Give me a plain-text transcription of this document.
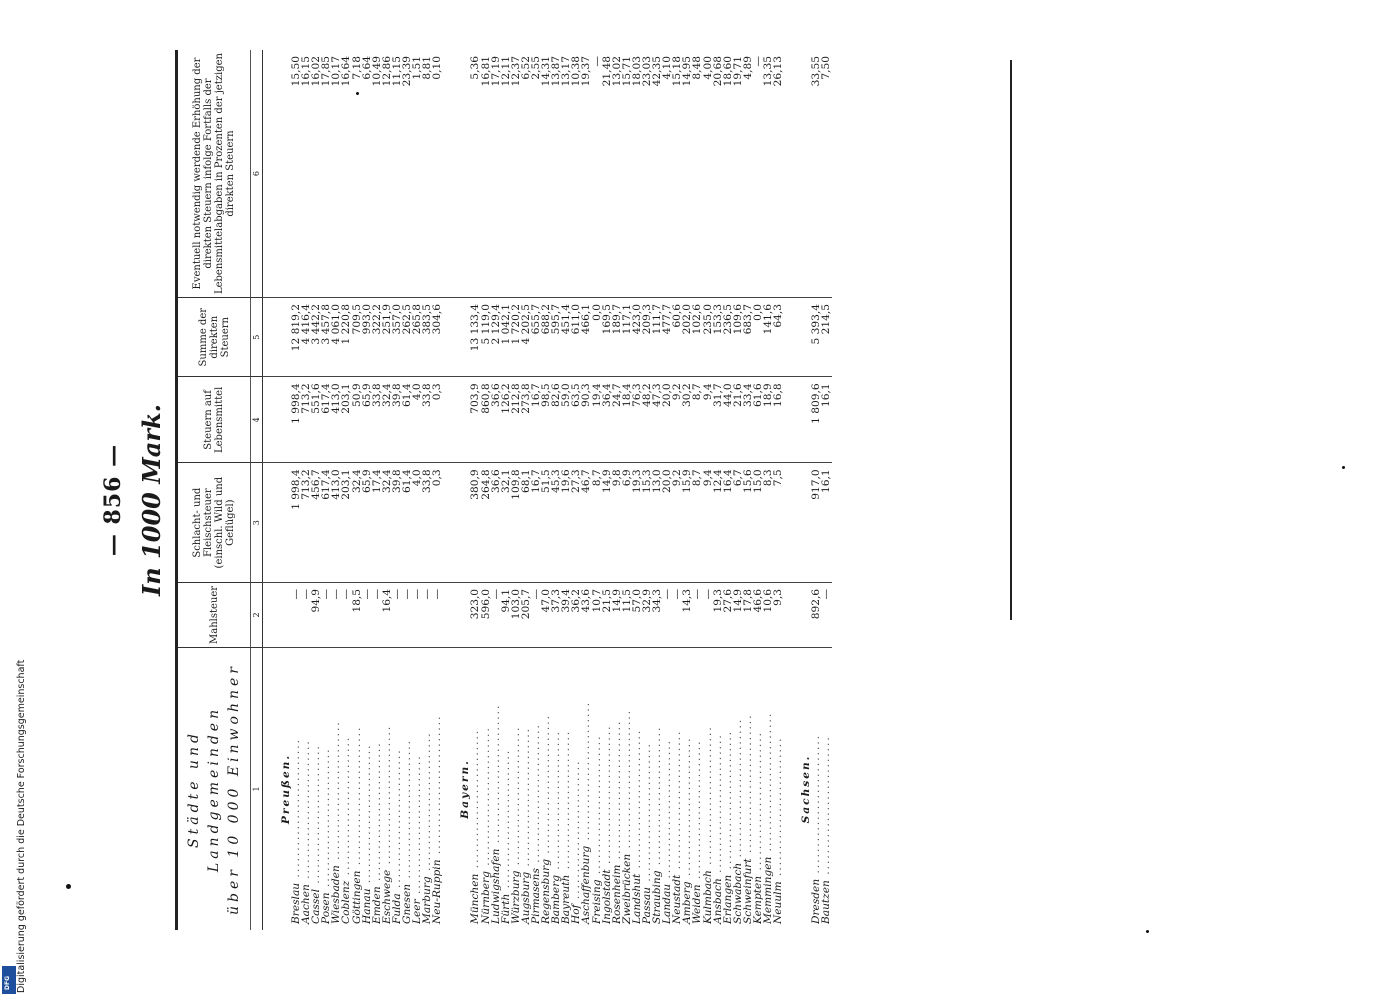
— 856 — In 1000 Mark.
Städte und Landgemeinden über 10 000 Einwohner	Mahlsteuer	Schlacht- und Fleischsteuer (einschl. Wild und Geflügel)	Steuern auf Lebensmittel	Summe der direkten Steuern	Eventuell notwendig werdende Erhöhung der direkten Steuern infolge Fortfalls der Lebensmittelabgaben in Prozenten der jetzigen direkten Steuern
1	2	3	4	5	6
Preußen.					
Breslau ..........................	—	1 998,4	1 998,4	12 819,2	15,50
Aachen ..........................	—	713,2	713,2	4 416,4	16,15
Cassel ..........................	94,9	456,7	551,6	3 442,2	16,02
Posen ..........................	—	617,4	617,4	3 457,8	17,85
Wiesbaden ..........................	—	413,0	413,0	4 061,0	10,17
Coblenz ..........................	—	203,1	203,1	1 220,8	16,64
Göttingen ..........................	18,5	32,4	50,9	709,5	7,18
Hanau ..........................	—	65,9	65,9	993,0	6,64
Emden ..........................	—	17,4	33,8	322,2	10,49
Eschwege ..........................	16,4	32,4	32,4	251,9	12,86
Fulda ..........................	—	39,8	39,8	357,0	11,15
Gnesen ..........................	—	61,4	61,4	262,5	23,39
Leer ..........................	—	4,0	4,0	265,8	1,51
Marburg ..........................	—	33,8	33,8	383,5	8,81
Neu-Ruppin ..........................	—	0,3	0,3	304,6	0,10
Bayern.					
München ..........................	323,0	380,9	703,9	13 133,4	5,36
Nürnberg ..........................	596,0	264,8	860,8	5 119,0	16,81
Ludwigshafen ..........................	—	36,6	36,6	2 129,4	17,19
Fürth ..........................	94,1	32,1	126,2	1 042,1	12,11
Würzburg ..........................	103,0	109,8	212,8	1 720,2	12,37
Augsburg ..........................	205,7	68,1	273,8	4 202,5	6,52
Pirmasens ..........................	—	16,7	16,7	655,7	2,55
Regensburg ..........................	47,0	51,5	98,5	688,2	14,31
Bamberg ..........................	37,3	45,3	82,6	595,7	13,87
Bayreuth ..........................	39,4	19,6	59,0	451,4	13,17
Hof ..........................	36,2	27,3	63,5	611,0	10,38
Aschaffenburg ..........................	43,6	46,7	90,3	466,1	19,37
Freising ..........................	10,7	8,7	19,4	0,0	—
Ingolstadt ..........................	21,5	14,9	36,4	169,5	21,48
Rosenheim ..........................	14,9	9,8	24,7	189,7	13,02
Zweibrücken ..........................	11,5	6,9	18,4	117,1	15,71
Landshut ..........................	57,0	19,3	76,3	423,0	18,03
Passau ..........................	32,9	15,3	48,2	209,3	23,03
Straubing ..........................	34,3	13,0	47,3	111,7	42,35
Landau ..........................	—	20,0	20,0	477,7	4,10
Neustadt ..........................	—	9,2	9,2	60,6	15,18
Amberg ..........................	14,3	15,9	30,2	202,0	14,95
Weiden ..........................	—	8,7	8,7	102,6	8,48
Kulmbach ..........................	—	9,4	9,4	235,0	4,00
Ansbach ..........................	19,3	12,4	31,7	153,3	20,68
Erlangen ..........................	27,6	16,4	44,0	236,5	18,60
Schwabach ..........................	14,9	6,7	21,6	109,6	19,71
Schweinfurt ..........................	17,8	15,6	33,4	683,7	4,89
Kempten ..........................	46,6	15,0	61,6	0,0	—
Memmingen ..........................	10,6	8,3	18,9	141,6	13,35
Neuulm ..........................	9,3	7,5	16,8	64,3	26,13
Sachsen.					
Dresden ..........................	892,6	917,0	1 809,6	5 393,4	33,55
Bautzen ..........................	—	16,1	16,1	214,5	7,50
Digitalisierung gefördert durch die Deutsche Forschungsgemeinschaft
DFG
